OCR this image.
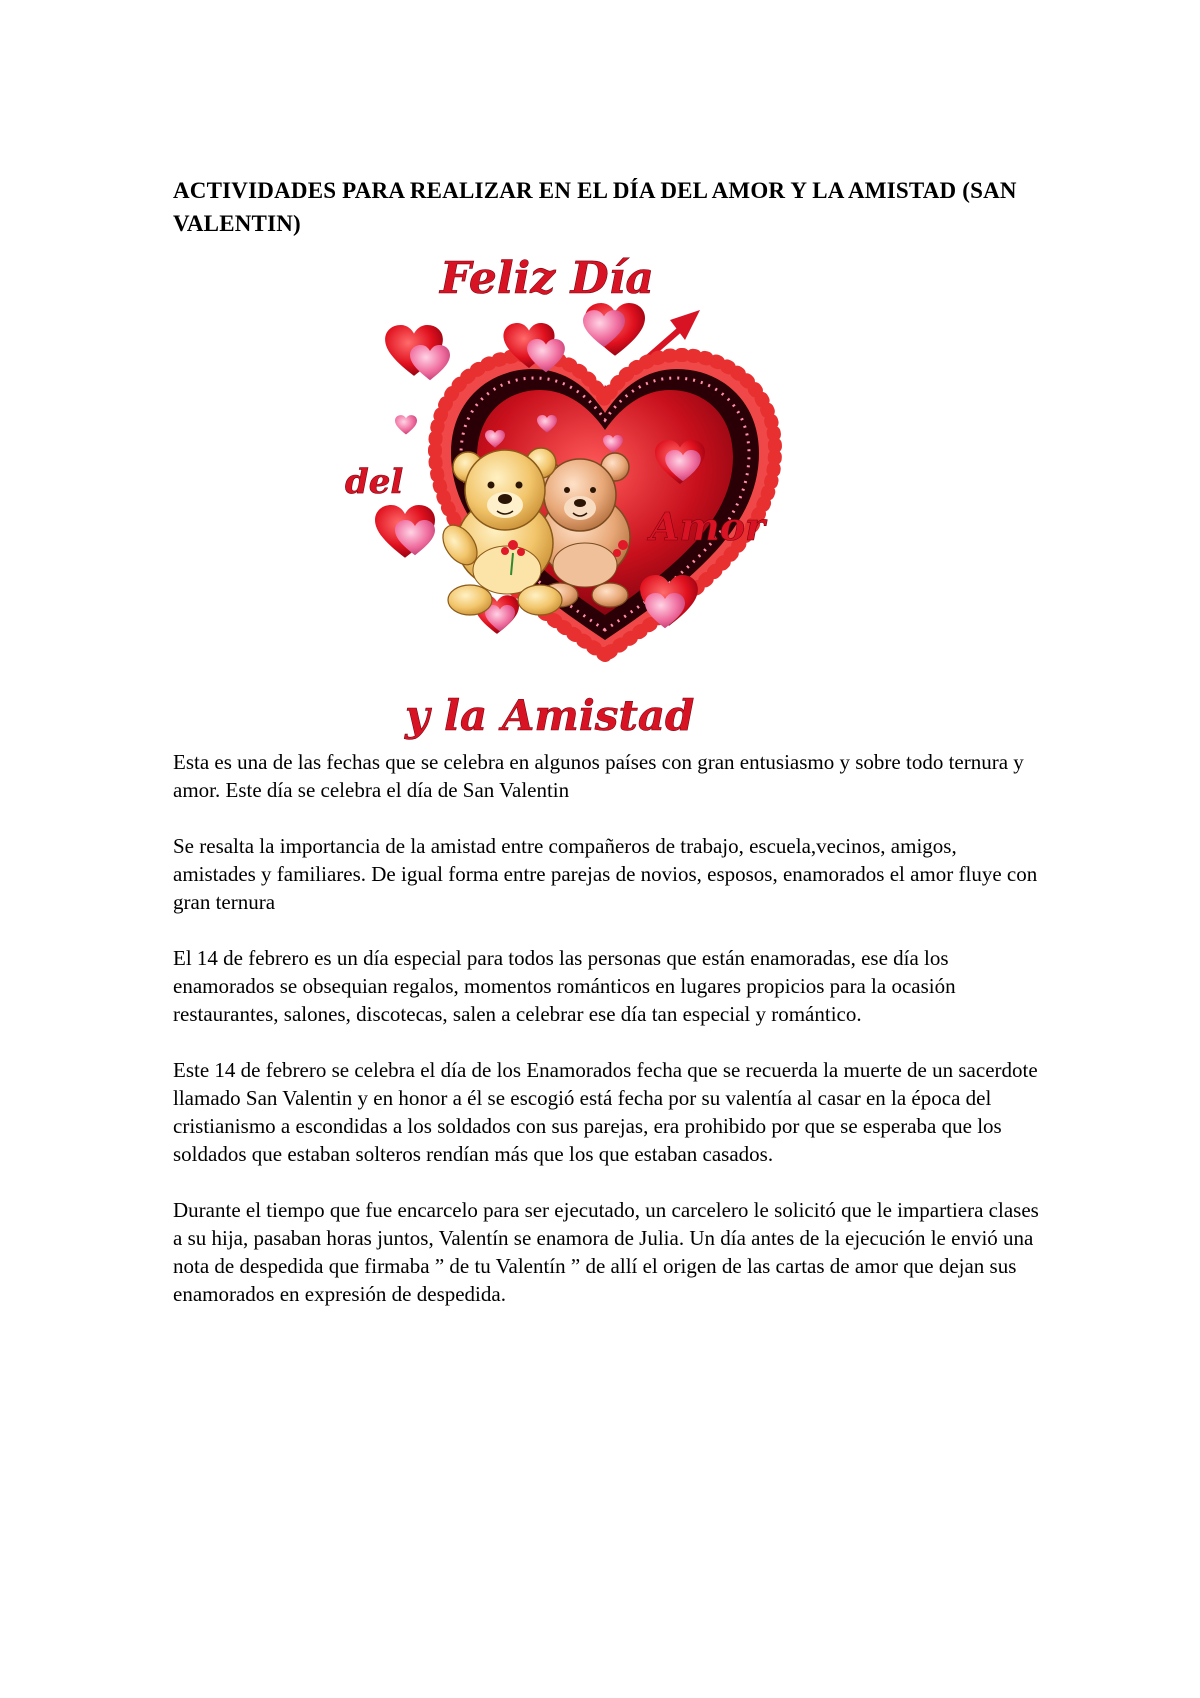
ACTIVIDADES PARA REALIZAR EN EL DÍA DEL AMOR Y LA AMISTAD (SAN VALENTIN)
Feliz Día
del
Amor
y la Amistad

Esta es una de las fechas que se celebra en algunos países con gran entusiasmo y sobre todo ternura y amor. Este día se celebra el día de San Valentin

Se resalta la importancia de la amistad entre compañeros de trabajo, escuela,vecinos, amigos, amistades y familiares. De igual forma entre parejas de novios, esposos, enamorados el amor fluye con gran ternura

El 14 de febrero es un día especial para todos las personas que están enamoradas, ese día los enamorados se obsequian regalos, momentos románticos en lugares propicios para la ocasión restaurantes, salones, discotecas, salen a celebrar ese día tan especial y romántico.

Este 14 de febrero se celebra el día de los Enamorados fecha que se recuerda la muerte de un sacerdote llamado San Valentin y en honor a él se escogió está fecha por su valentía al casar en la época del cristianismo a escondidas a los soldados con sus parejas, era prohibido por que se esperaba que los soldados que estaban solteros rendían más que los que estaban casados.

Durante el tiempo que fue encarcelo para ser ejecutado, un carcelero le solicitó que le impartiera clases a su hija, pasaban horas juntos, Valentín se enamora de Julia. Un día antes de la ejecución le envió una nota de despedida que firmaba ” de tu Valentín ” de allí el origen de las cartas de amor que dejan sus enamorados en expresión de despedida.
